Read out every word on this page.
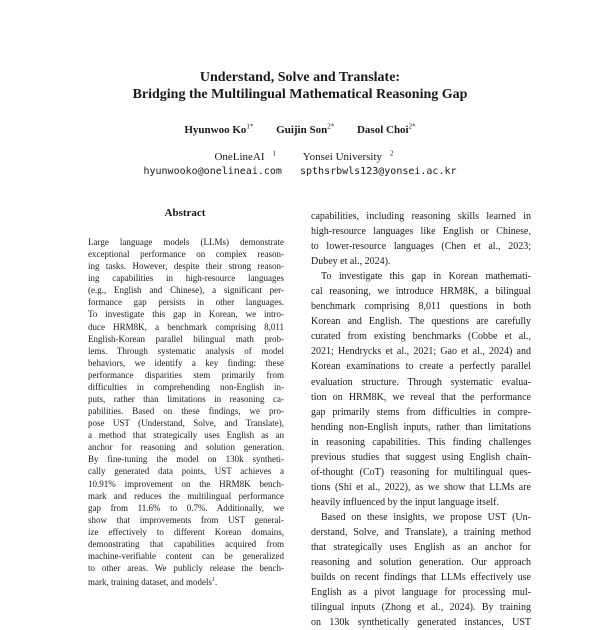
Understand, Solve and Translate:
Bridging the Multilingual Mathematical Reasoning Gap
Hyunwoo $Ko^{1*}$ Guijin Son$^{2*}$ Dasol Choi$^{2*}$
OneLineAI $^1$ Yonsei University $^2$
hyunwooko@onelineai.com spthsrbwls123@yonsei.ac.kr
Abstract
Large language models (LLMs) demonstrate
exceptional performance on complex reason-
ing tasks. However, despite their strong reason-
ing capabilities in high-resource languages
(e.g., English and Chinese), a significant per-
formance gap persists in other languages.
To investigate this gap in Korean, we intro-
duce HRM8K, a benchmark comprising 8,011
English-Korean parallel bilingual math prob-
lems. Through systematic analysis of model
behaviors, we identify a key finding: these
performance disparities stem primarily from
difficulties in comprehending non-English in-
puts, rather than limitations in reasoning ca-
pabilities. Based on these findings, we pro-
pose UST (Understand, Solve, and Translate),
a method that strategically uses English as an
anchor for reasoning and solution generation.
By fine-tuning the model on 130k syntheti-
cally generated data points, UST achieves a
10.91% improvement on the HRM8K bench-
mark and reduces the multilingual performance
gap from 11.6% to 0.7%. Additionally, we
show that improvements from UST general-
ize effectively to different Korean domains,
demonstrating that capabilities acquired from
machine-verifiable content can be generalized
to other areas. We publicly release the bench-
mark, training dataset, and models$^1$.
capabilities, including reasoning skills learned in
high-resource languages like English or Chinese,
to lower-resource languages (Chen et al., 2023;
Dubey et al., 2024).
To investigate this gap in Korean mathemati-
cal reasoning, we introduce HRM8K, a bilingual
benchmark comprising 8,011 questions in both
Korean and English. The questions are carefully
curated from existing benchmarks (Cobbe et al.,
2021; Hendrycks et al., 2021; Gao et al., 2024) and
Korean examinations to create a perfectly parallel
evaluation structure. Through systematic evalua-
tion on HRM8K, we reveal that the performance
gap primarily stems from difficulties in compre-
hending non-English inputs, rather than limitations
in reasoning capabilities. This finding challenges
previous studies that suggest using English chain-
of-thought (CoT) reasoning for multilingual ques-
tions (Shi et al., 2022), as we show that LLMs are
heavily influenced by the input language itself.
Based on these insights, we propose UST (Un-
derstand, Solve, and Translate), a training method
that strategically uses English as an anchor for
reasoning and solution generation. Our approach
builds on recent findings that LLMs effectively use
English as a pivot language for processing mul-
tilingual inputs (Zhong et al., 2024). By training
on 130k synthetically generated instances, UST
